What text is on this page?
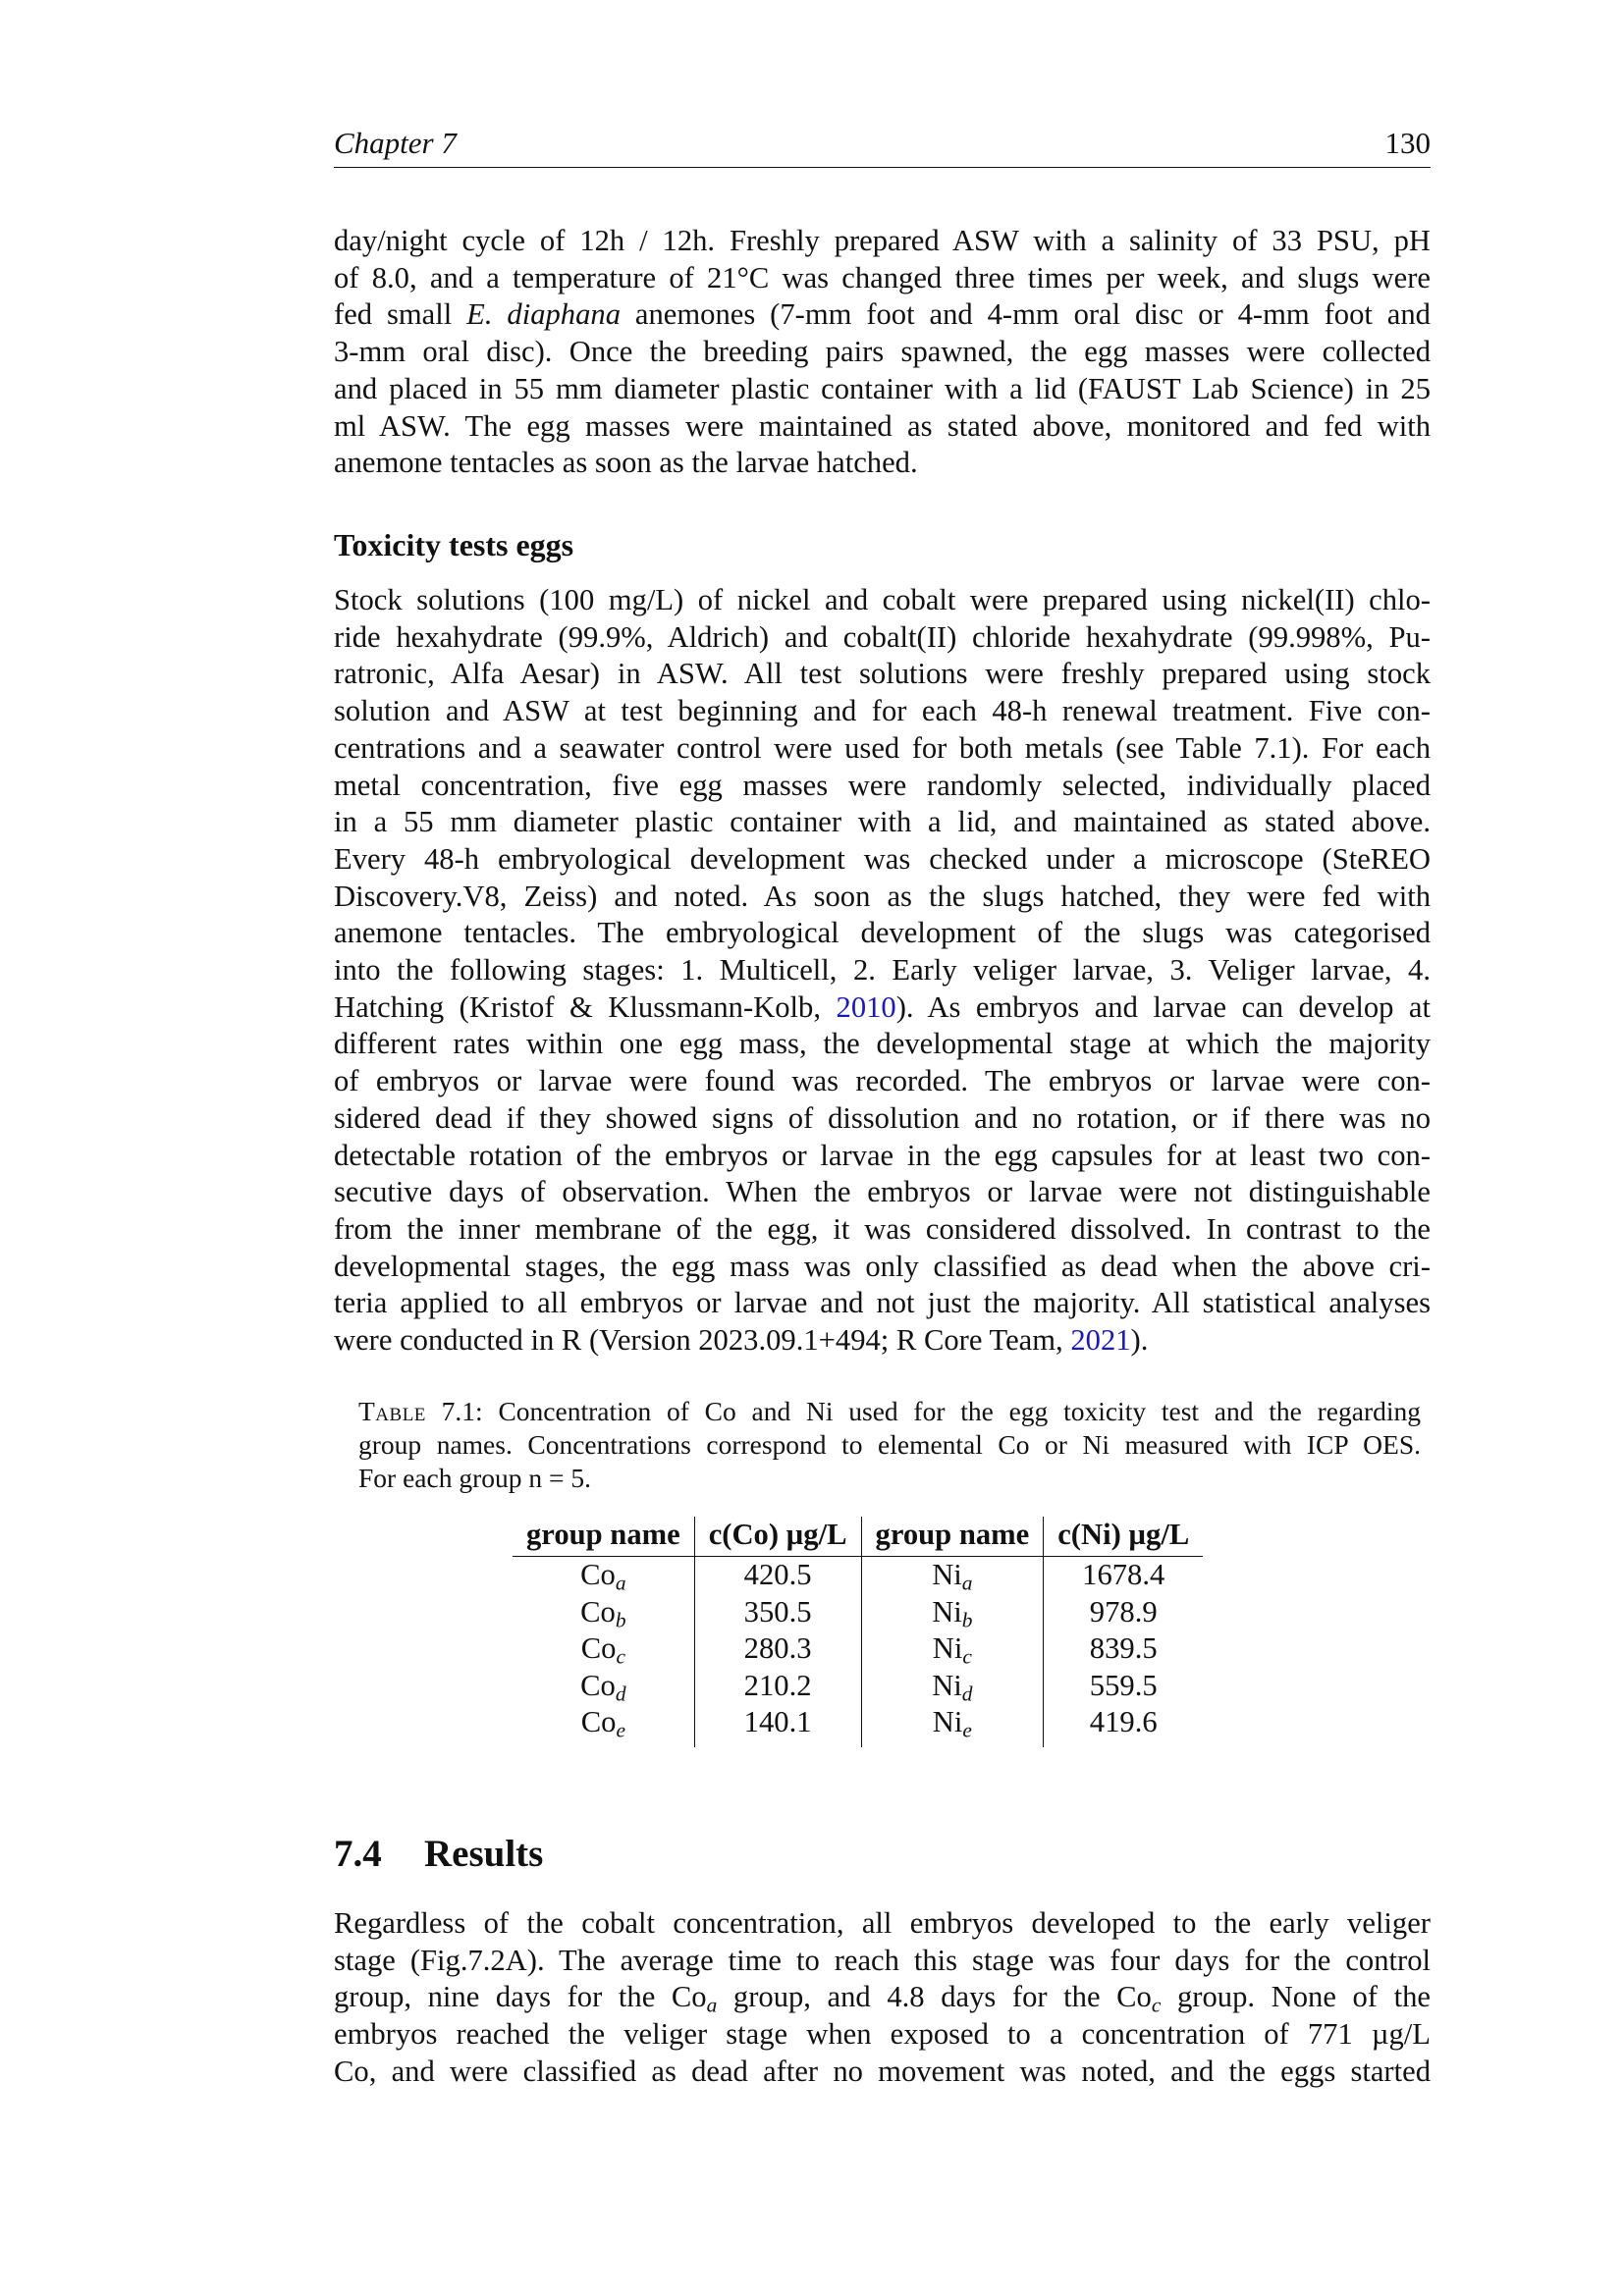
Chapter 7	130
day/night cycle of 12h / 12h. Freshly prepared ASW with a salinity of 33 PSU, pH
of 8.0, and a temperature of 21°C was changed three times per week, and slugs were
fed small E. diaphana anemones (7-mm foot and 4-mm oral disc or 4-mm foot and
3-mm oral disc). Once the breeding pairs spawned, the egg masses were collected
and placed in 55 mm diameter plastic container with a lid (FAUST Lab Science) in 25
ml ASW. The egg masses were maintained as stated above, monitored and fed with
anemone tentacles as soon as the larvae hatched.
Toxicity tests eggs
Stock solutions (100 mg/L) of nickel and cobalt were prepared using nickel(II) chlo-
ride hexahydrate (99.9%, Aldrich) and cobalt(II) chloride hexahydrate (99.998%, Pu-
ratronic, Alfa Aesar) in ASW. All test solutions were freshly prepared using stock
solution and ASW at test beginning and for each 48-h renewal treatment. Five con-
centrations and a seawater control were used for both metals (see Table 7.1). For each
metal concentration, five egg masses were randomly selected, individually placed
in a 55 mm diameter plastic container with a lid, and maintained as stated above.
Every 48-h embryological development was checked under a microscope (SteREO
Discovery.V8, Zeiss) and noted. As soon as the slugs hatched, they were fed with
anemone tentacles. The embryological development of the slugs was categorised
into the following stages: 1. Multicell, 2. Early veliger larvae, 3. Veliger larvae, 4.
Hatching (Kristof & Klussmann-Kolb, 2010). As embryos and larvae can develop at
different rates within one egg mass, the developmental stage at which the majority
of embryos or larvae were found was recorded. The embryos or larvae were con-
sidered dead if they showed signs of dissolution and no rotation, or if there was no
detectable rotation of the embryos or larvae in the egg capsules for at least two con-
secutive days of observation. When the embryos or larvae were not distinguishable
from the inner membrane of the egg, it was considered dissolved. In contrast to the
developmental stages, the egg mass was only classified as dead when the above cri-
teria applied to all embryos or larvae and not just the majority. All statistical analyses
were conducted in R (Version 2023.09.1+494; R Core Team, 2021).
Table 7.1: Concentration of Co and Ni used for the egg toxicity test and the regarding
group names. Concentrations correspond to elemental Co or Ni measured with ICP OES.
For each group n = 5.
group name	c(Co) µg/L	group name	c(Ni) µg/L
$Co_a$	420.5	$Ni_a$	1678.4
$Co_b$	350.5	$Ni_b$	978.9
$Co_c$	280.3	$Ni_c$	839.5
$Co_d$	210.2	$Ni_d$	559.5
$Co_e$	140.1	$Ni_e$	419.6
7.4 Results
Regardless of the cobalt concentration, all embryos developed to the early veliger
stage (Fig.7.2A). The average time to reach this stage was four days for the control
group, nine days for the $Co_a$ group, and 4.8 days for the $Co_c$ group. None of the
embryos reached the veliger stage when exposed to a concentration of 771 µg/L
Co, and were classified as dead after no movement was noted, and the eggs started
